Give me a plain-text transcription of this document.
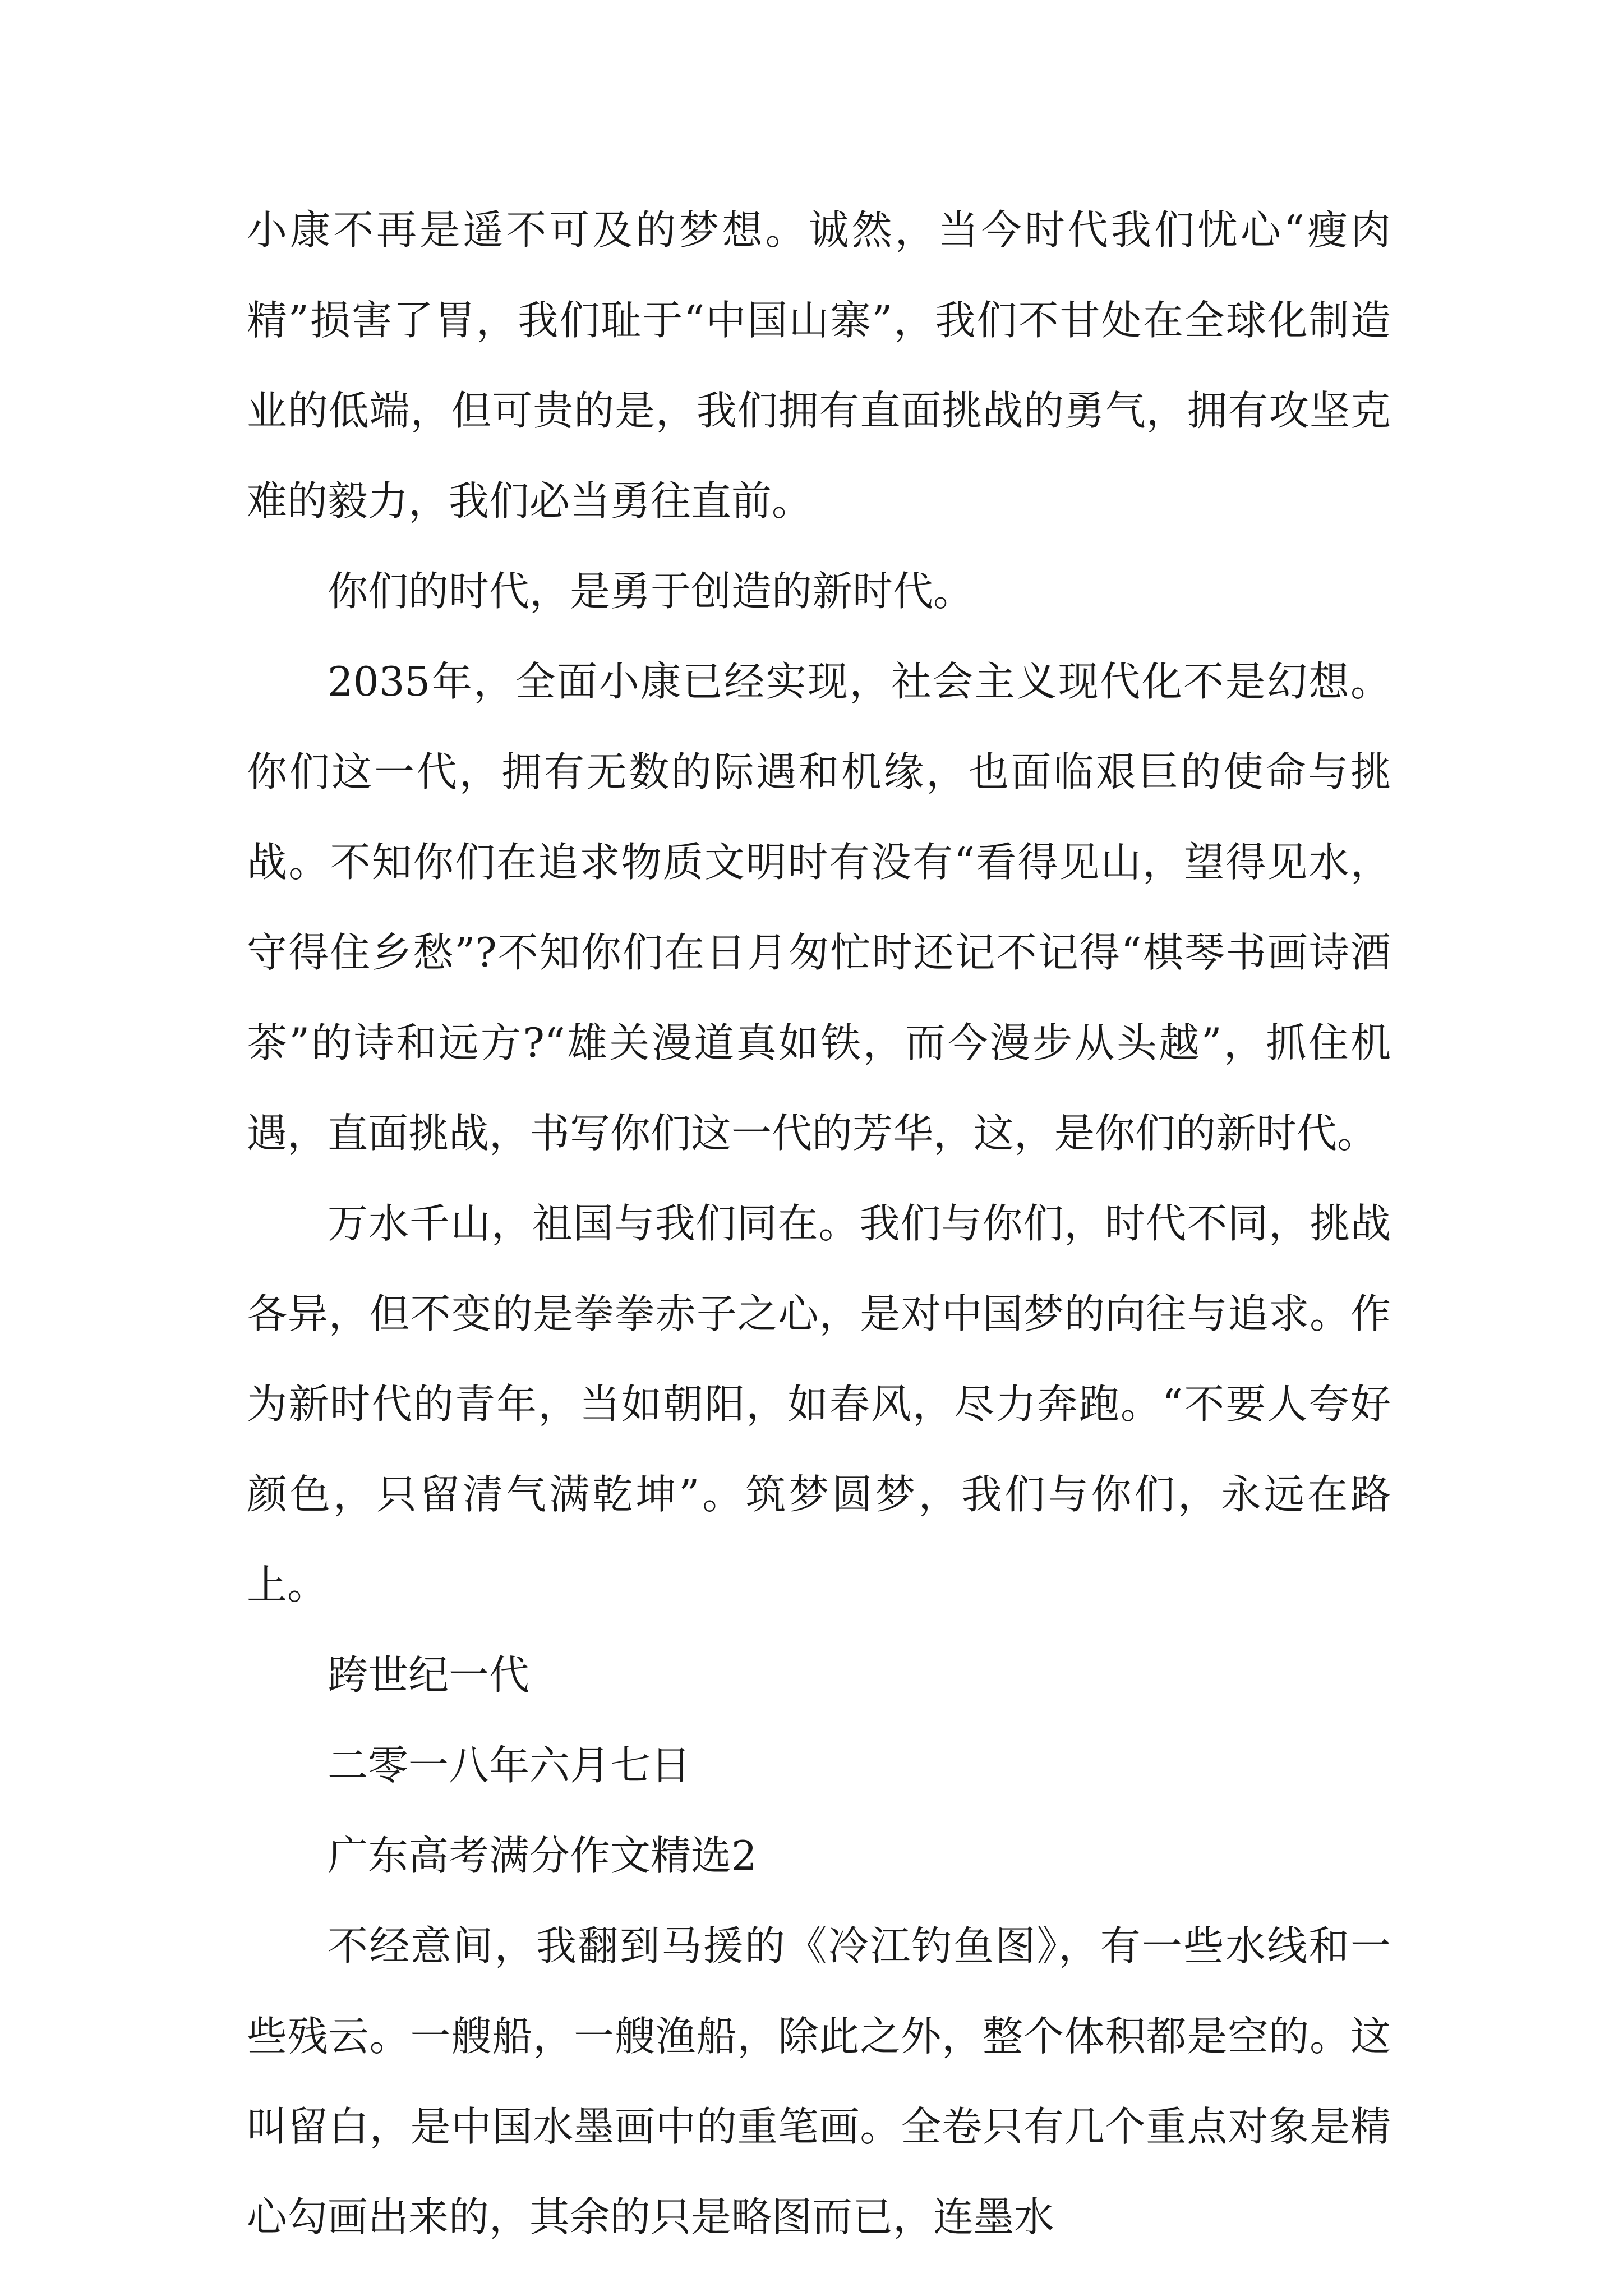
小康不再是遥不可及的梦想。诚然，当今时代我们忧心“瘦肉精”损害了胃，我们耻于“中国山寨”，我们不甘处在全球化制造业的低端，但可贵的是，我们拥有直面挑战的勇气，拥有攻坚克难的毅力，我们必当勇往直前。

你们的时代，是勇于创造的新时代。

2035年，全面小康已经实现，社会主义现代化不是幻想。你们这一代，拥有无数的际遇和机缘，也面临艰巨的使命与挑战。不知你们在追求物质文明时有没有“看得见山，望得见水，守得住乡愁”?不知你们在日月匆忙时还记不记得“棋琴书画诗酒茶”的诗和远方?“雄关漫道真如铁，而今漫步从头越”，抓住机遇，直面挑战，书写你们这一代的芳华，这，是你们的新时代。

万水千山，祖国与我们同在。我们与你们，时代不同，挑战各异，但不变的是拳拳赤子之心，是对中国梦的向往与追求。作为新时代的青年，当如朝阳，如春风，尽力奔跑。“不要人夸好颜色，只留清气满乾坤”。筑梦圆梦，我们与你们，永远在路上。

跨世纪一代

二零一八年六月七日

广东高考满分作文精选2

不经意间，我翻到马援的《冷江钓鱼图》，有一些水线和一些残云。一艘船，一艘渔船，除此之外，整个体积都是空的。这叫留白，是中国水墨画中的重笔画。全卷只有几个重点对象是精心勾画出来的，其余的只是略图而已，连墨水
